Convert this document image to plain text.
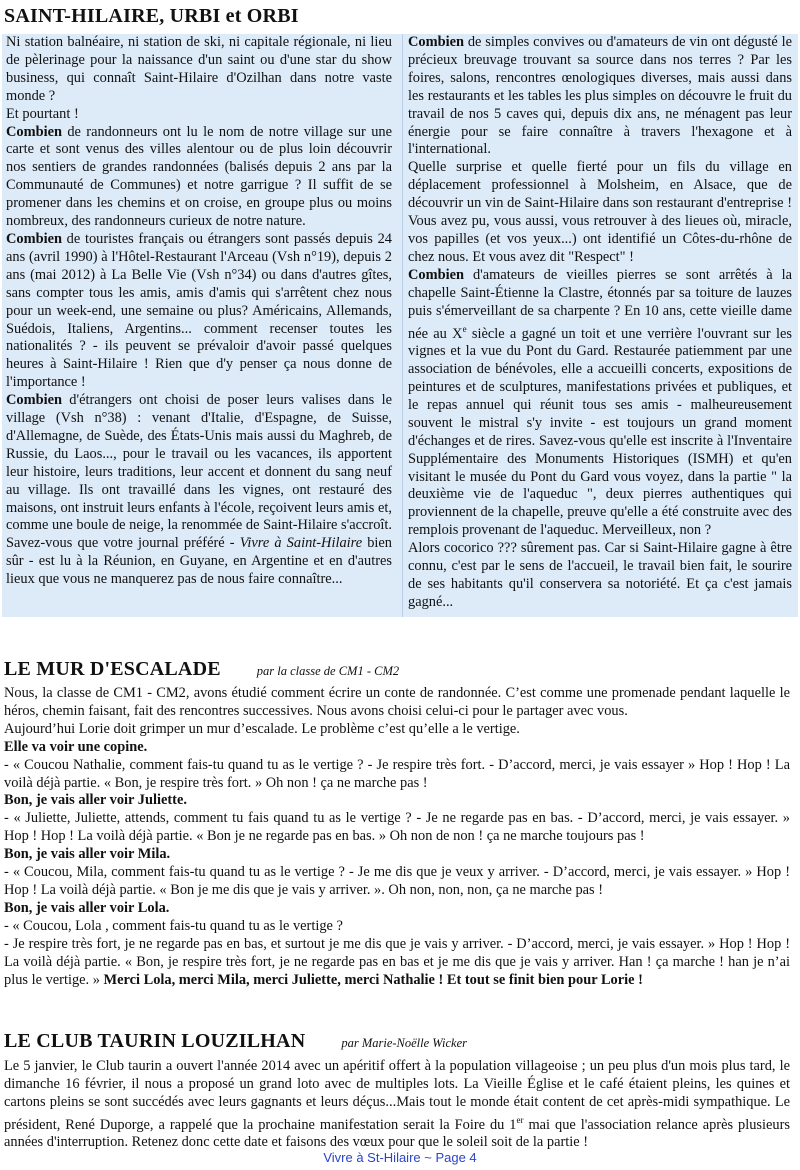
SAINT-HILAIRE, URBI et ORBI

Ni station balnéaire, ni station de ski, ni capitale régionale, ni lieu de pèlerinage pour la naissance d'un saint ou d'une star du show business, qui connaît Saint-Hilaire d'Ozilhan dans notre vaste monde ?

Et pourtant !

Combien de randonneurs ont lu le nom de notre village sur une carte et sont venus des villes alentour ou de plus loin découvrir nos sentiers de grandes randonnées (balisés depuis 2 ans par la Communauté de Communes) et notre garrigue ? Il suffit de se promener dans les chemins et on croise, en groupe plus ou moins nombreux, des randonneurs curieux de notre nature.

Combien de touristes français ou étrangers sont passés depuis 24 ans (avril 1990) à l'Hôtel-Restaurant l'Arceau (Vsh n°19), depuis 2 ans (mai 2012) à La Belle Vie (Vsh n°34) ou dans d'autres gîtes, sans compter tous les amis, amis d'amis qui s'arrêtent chez nous pour un week-end, une semaine ou plus? Américains, Allemands, Suédois, Italiens, Argentins... comment recenser toutes les nationalités ? - ils peuvent se prévaloir d'avoir passé quelques heures à Saint-Hilaire ! Rien que d'y penser ça nous donne de l'importance !

Combien d'étrangers ont choisi de poser leurs valises dans le village (Vsh n°38) : venant d'Italie, d'Espagne, de Suisse, d'Allemagne, de Suède, des États-Unis mais aussi du Maghreb, de Russie, du Laos..., pour le travail ou les vacances, ils apportent leur histoire, leurs traditions, leur accent et donnent du sang neuf au village. Ils ont travaillé dans les vignes, ont restauré des maisons, ont instruit leurs enfants à l'école, reçoivent leurs amis et, comme une boule de neige, la renommée de Saint-Hilaire s'accroît. Savez-vous que votre journal préféré - Vivre à Saint-Hilaire bien sûr - est lu à la Réunion, en Guyane, en Argentine et en d'autres lieux que vous ne manquerez pas de nous faire connaître...

Combien de simples convives ou d'amateurs de vin ont dégusté le précieux breuvage trouvant sa source dans nos terres ? Par les foires, salons, rencontres œnologiques diverses, mais aussi dans les restaurants et les tables les plus simples on découvre le fruit du travail de nos 5 caves qui, depuis dix ans, ne ménagent pas leur énergie pour se faire connaître à travers l'hexagone et à l'international.

Quelle surprise et quelle fierté pour un fils du village en déplacement professionnel à Molsheim, en Alsace, que de découvrir un vin de Saint-Hilaire dans son restaurant d'entreprise ! Vous avez pu, vous aussi, vous retrouver à des lieues où, miracle, vos papilles (et vos yeux...) ont identifié un Côtes-du-rhône de chez nous. Et vous avez dit "Respect" !

Combien d'amateurs de vieilles pierres se sont arrêtés à la chapelle Saint-Étienne la Clastre, étonnés par sa toiture de lauzes puis s'émerveillant de sa charpente ? En 10 ans, cette vieille dame née au Xe siècle a gagné un toit et une verrière l'ouvrant sur les vignes et la vue du Pont du Gard. Restaurée patiemment par une association de bénévoles, elle a accueilli concerts, expositions de peintures et de sculptures, manifestations privées et publiques, et le repas annuel qui réunit tous ses amis - malheureusement souvent le mistral s'y invite - est toujours un grand moment d'échanges et de rires. Savez-vous qu'elle est inscrite à l'Inventaire Supplémentaire des Monuments Historiques (ISMH) et qu'en visitant le musée du Pont du Gard vous voyez, dans la partie " la deuxième vie de l'aqueduc ", deux pierres authentiques qui proviennent de la chapelle, preuve qu'elle a été construite avec des remplois provenant de l'aqueduc. Merveilleux, non ?

Alors cocorico ??? sûrement pas. Car si Saint-Hilaire gagne à être connu, c'est par le sens de l'accueil, le travail bien fait, le sourire de ses habitants qu'il conservera sa notoriété. Et ça c'est jamais gagné...

LE MUR D'ESCALADE	par la classe de CM1 - CM2

Nous, la classe de CM1 - CM2, avons étudié comment écrire un conte de randonnée. C’est comme une promenade pendant laquelle le héros, chemin faisant, fait des rencontres successives. Nous avons choisi celui-ci pour le partager avec vous.

Aujourd’hui Lorie doit grimper un mur d’escalade. Le problème c’est qu’elle a le vertige.

Elle va voir une copine.

- « Coucou Nathalie, comment fais-tu quand tu as le vertige ? - Je respire très fort. - D’accord, merci, je vais essayer » Hop ! Hop ! La voilà déjà partie. « Bon, je respire très fort. » Oh non ! ça ne marche pas !

Bon, je vais aller voir Juliette.

- « Juliette, Juliette, attends, comment tu fais quand tu as le vertige ? - Je ne regarde pas en bas. - D’accord, merci, je vais essayer. » Hop ! Hop ! La voilà déjà partie. « Bon je ne regarde pas en bas. » Oh non de non ! ça ne marche toujours pas !

Bon, je vais aller voir Mila.

- « Coucou, Mila, comment fais-tu quand tu as le vertige ? - Je me dis que je veux y arriver. - D’accord, merci, je vais essayer. » Hop ! Hop ! La voilà déjà partie. « Bon je me dis que je vais y arriver. ». Oh non, non, non, ça ne marche pas !

Bon, je vais aller voir Lola.

- « Coucou, Lola , comment fais-tu quand tu as le vertige ?

- Je respire très fort, je ne regarde pas en bas, et surtout je me dis que je vais y arriver. - D’accord, merci, je vais essayer. » Hop ! Hop ! La voilà déjà partie. « Bon, je respire très fort, je ne regarde pas en bas et je me dis que je vais y arriver. Han ! ça marche ! han je n’ai plus le vertige. » Merci Lola, merci Mila, merci Juliette, merci Nathalie ! Et tout se finit bien pour Lorie !

LE CLUB TAURIN LOUZILHAN	par Marie-Noëlle Wicker

Le 5 janvier, le Club taurin a ouvert l'année 2014 avec un apéritif offert à la population villageoise ; un peu plus d'un mois plus tard, le dimanche 16 février, il nous a proposé un grand loto avec de multiples lots. La Vieille Église et le café étaient pleins, les quines et cartons pleins se sont succédés avec leurs gagnants et leurs déçus...Mais tout le monde était content de cet après-midi sympathique. Le président, René Duporge, a rappelé que la prochaine manifestation serait la Foire du 1er mai que l'association relance après plusieurs années d'interruption. Retenez donc cette date et faisons des vœux pour que le soleil soit de la partie !

Vivre à St-Hilaire ~ Page 4
